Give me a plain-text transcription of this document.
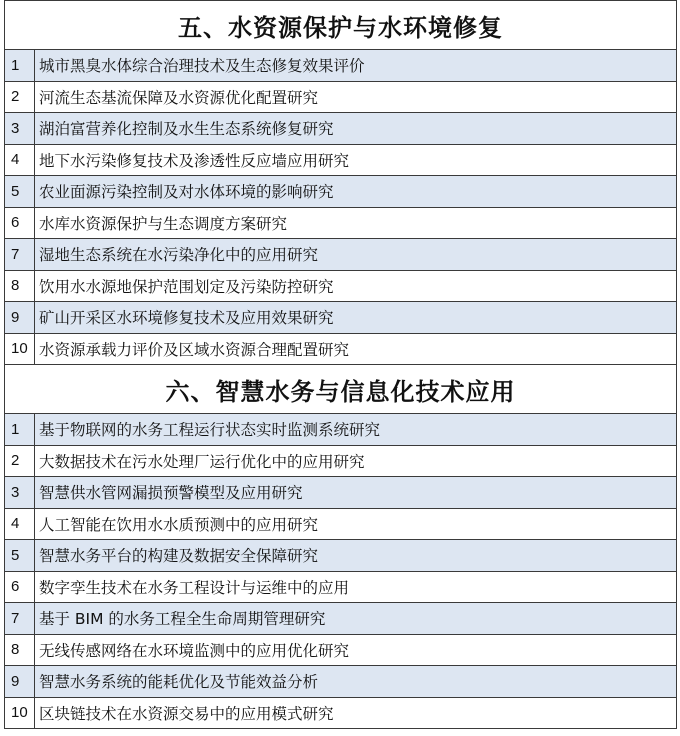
五、水资源保护与水环境修复	
1	城市黑臭水体综合治理技术及生态修复效果评价
2	河流生态基流保障及水资源优化配置研究
3	湖泊富营养化控制及水生生态系统修复研究
4	地下水污染修复技术及渗透性反应墙应用研究
5	农业面源污染控制及对水体环境的影响研究
6	水库水资源保护与生态调度方案研究
7	湿地生态系统在水污染净化中的应用研究
8	饮用水水源地保护范围划定及污染防控研究
9	矿山开采区水环境修复技术及应用效果研究
10	水资源承载力评价及区域水资源合理配置研究
六、智慧水务与信息化技术应用	
1	基于物联网的水务工程运行状态实时监测系统研究
2	大数据技术在污水处理厂运行优化中的应用研究
3	智慧供水管网漏损预警模型及应用研究
4	人工智能在饮用水水质预测中的应用研究
5	智慧水务平台的构建及数据安全保障研究
6	数字孪生技术在水务工程设计与运维中的应用
7	基于 BIM 的水务工程全生命周期管理研究
8	无线传感网络在水环境监测中的应用优化研究
9	智慧水务系统的能耗优化及节能效益分析
10	区块链技术在水资源交易中的应用模式研究
